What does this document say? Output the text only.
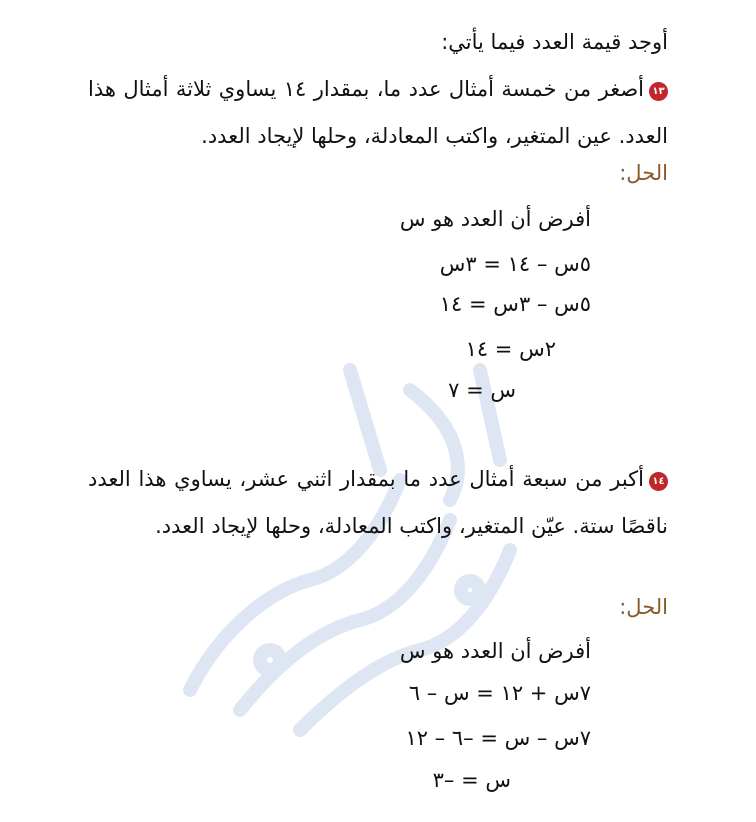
أوجد قيمة العدد فيما يأتي:
١٣أصغر من خمسة أمثال عدد ما، بمقدار ١٤ يساوي ثلاثة أمثال هذا العدد. عين المتغير، واكتب المعادلة، وحلها لإيجاد العدد.
الحل:
أفرض أن العدد هو س
٥س – ١٤ = ٣س
٥س – ٣س = ١٤
٢س = ١٤
س = ٧
١٤أكبر من سبعة أمثال عدد ما بمقدار اثني عشر، يساوي هذا العدد ناقصًا ستة. عيّن المتغير، واكتب المعادلة، وحلها لإيجاد العدد.
الحل:
أفرض أن العدد هو س
٧س + ١٢ = س – ٦
٧س – س = –٦ – ١٢
س = –٣
